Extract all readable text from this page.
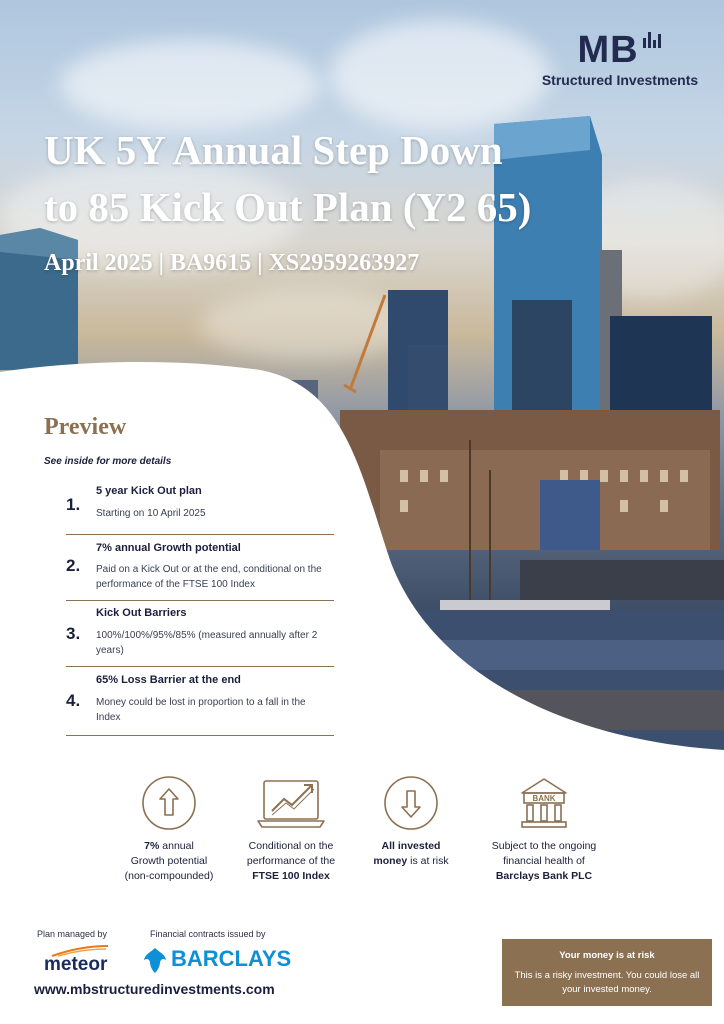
MB
Structured Investments
UK 5Y Annual Step Down
to 85 Kick Out Plan (Y2 65)
April 2025 | BA9615 | XS2959263927
Preview
See inside for more details
1.
5 year Kick Out plan
Starting on 10 April 2025
2.
7% annual Growth potential
Paid on a Kick Out or at the end, conditional on the performance of the FTSE 100 Index
3.
Kick Out Barriers
100%/100%/95%/85% (measured annually after 2 years)
4.
65% Loss Barrier at the end
Money could be lost in proportion to a fall in the Index
7% annual
Growth potential
(non-compounded)
Conditional on the
performance of the
FTSE 100 Index
All invested
money is at risk
BANK
Subject to the ongoing
financial health of
Barclays Bank PLC
Plan managed by
meteor
Financial contracts issued by
BARCLAYS
www.mbstructuredinvestments.com
Your money is at risk
This is a risky investment. You could lose all your invested money.
